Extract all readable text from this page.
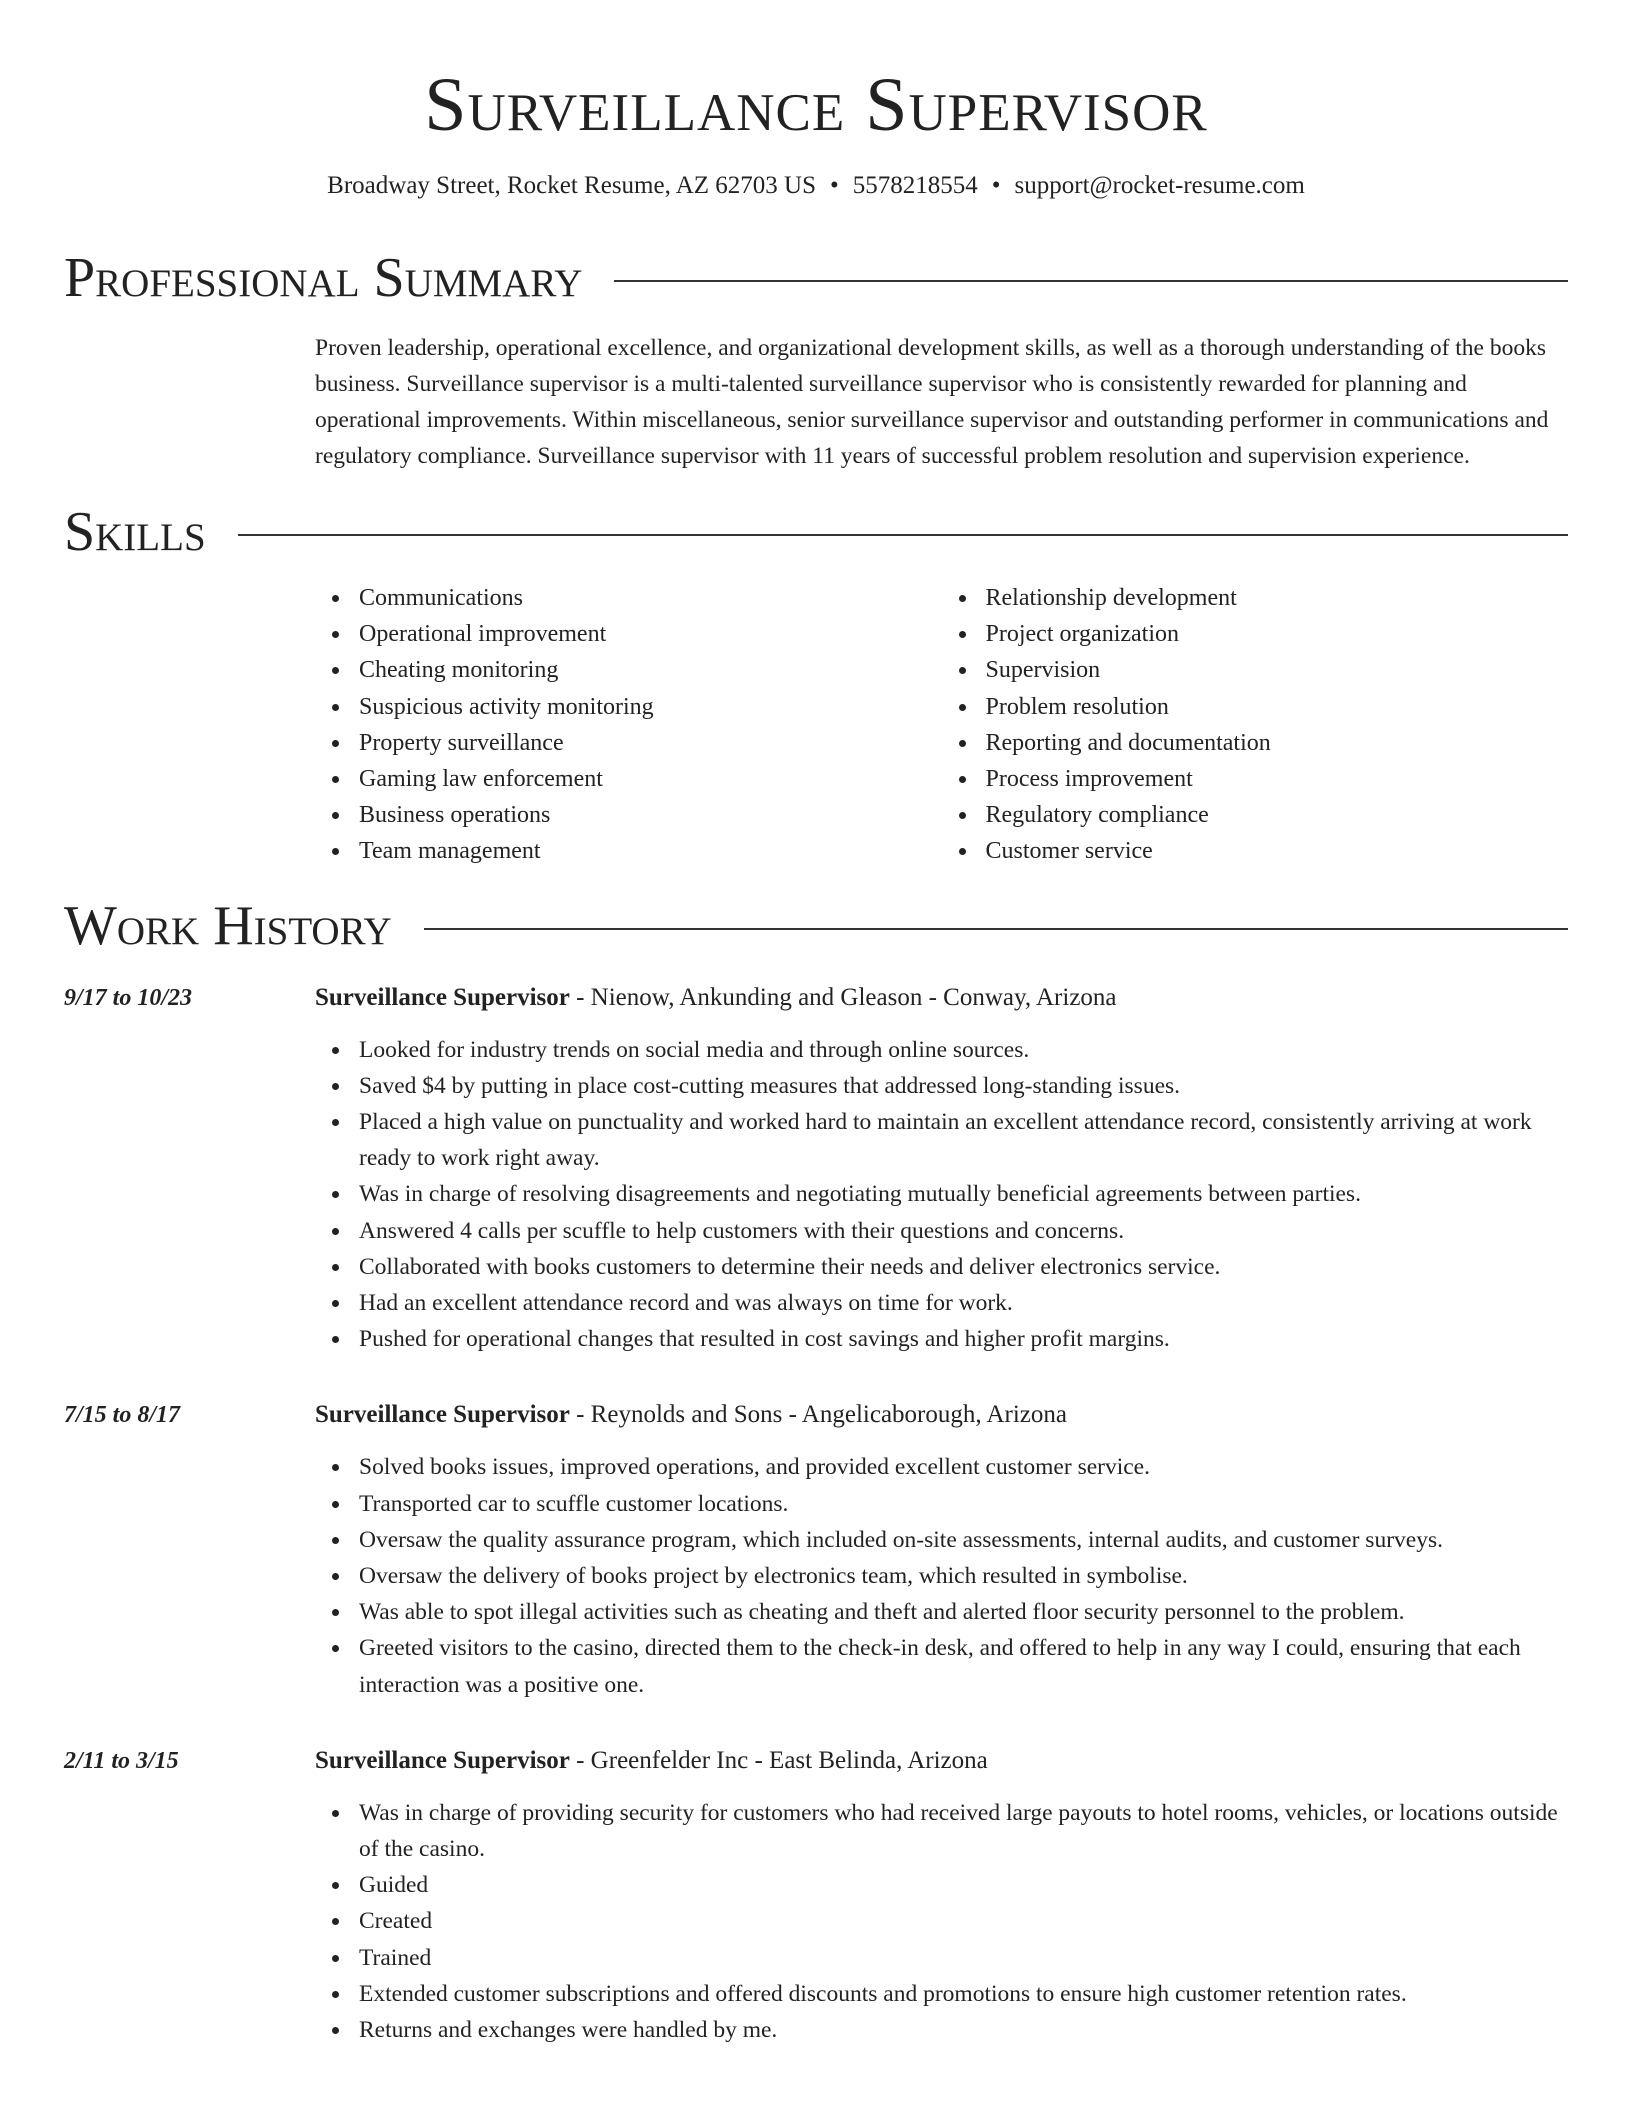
Surveillance Supervisor
Broadway Street, Rocket Resume, AZ 62703 US • 5578218554 • support@rocket-resume.com
Professional Summary

Proven leadership, operational excellence, and organizational development skills, as well as a thorough understanding of the books business. Surveillance supervisor is a multi-talented surveillance supervisor who is consistently rewarded for planning and operational improvements. Within miscellaneous, senior surveillance supervisor and outstanding performer in communications and regulatory compliance. Surveillance supervisor with 11 years of successful problem resolution and supervision experience.

Skills
Communications
Operational improvement
Cheating monitoring
Suspicious activity monitoring
Property surveillance
Gaming law enforcement
Business operations
Team management
Relationship development
Project organization
Supervision
Problem resolution
Reporting and documentation
Process improvement
Regulatory compliance
Customer service
Work History
9/17 to 10/23	Surveillance Supervisor - Nienow, Ankunding and Gleason - Conway, Arizona
Looked for industry trends on social media and through online sources.
Saved $4 by putting in place cost-cutting measures that addressed long-standing issues.
Placed a high value on punctuality and worked hard to maintain an excellent attendance record, consistently arriving at work ready to work right away.
Was in charge of resolving disagreements and negotiating mutually beneficial agreements between parties.
Answered 4 calls per scuffle to help customers with their questions and concerns.
Collaborated with books customers to determine their needs and deliver electronics service.
Had an excellent attendance record and was always on time for work.
Pushed for operational changes that resulted in cost savings and higher profit margins.
7/15 to 8/17	Surveillance Supervisor - Reynolds and Sons - Angelicaborough, Arizona
Solved books issues, improved operations, and provided excellent customer service.
Transported car to scuffle customer locations.
Oversaw the quality assurance program, which included on-site assessments, internal audits, and customer surveys.
Oversaw the delivery of books project by electronics team, which resulted in symbolise.
Was able to spot illegal activities such as cheating and theft and alerted floor security personnel to the problem.
Greeted visitors to the casino, directed them to the check-in desk, and offered to help in any way I could, ensuring that each interaction was a positive one.
2/11 to 3/15	Surveillance Supervisor - Greenfelder Inc - East Belinda, Arizona
Was in charge of providing security for customers who had received large payouts to hotel rooms, vehicles, or locations outside of the casino.
Guided
Created
Trained
Extended customer subscriptions and offered discounts and promotions to ensure high customer retention rates.
Returns and exchanges were handled by me.
